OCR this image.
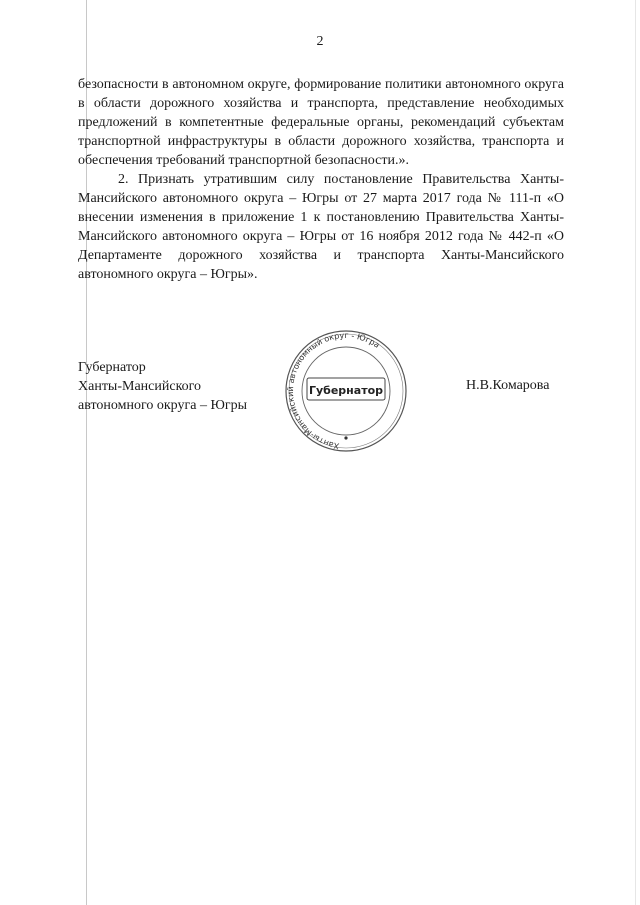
2

безопасности в автономном округе, формирование политики автономного округа в области дорожного хозяйства и транспорта, представление необходимых предложений в компетентные федеральные органы, рекомендаций субъектам транспортной инфраструктуры в области дорожного хозяйства, транспорта и обеспечения требований транспортной безопасности.».

2. Признать утратившим силу постановление Правительства Ханты-Мансийского автономного округа – Югры от 27 марта 2017 года № 111-п «О внесении изменения в приложение 1 к постановлению Правительства Ханты-Мансийского автономного округа – Югры от 16 ноября 2012 года № 442-п «О Департаменте дорожного хозяйства и транспорта Ханты-Мансийского автономного округа – Югры».

Губернатор
Ханты-Мансийского
автономного округа – Югры
Ханты-Мансийский автономный округ - Югра
Губернатор	Н.В.Комарова
